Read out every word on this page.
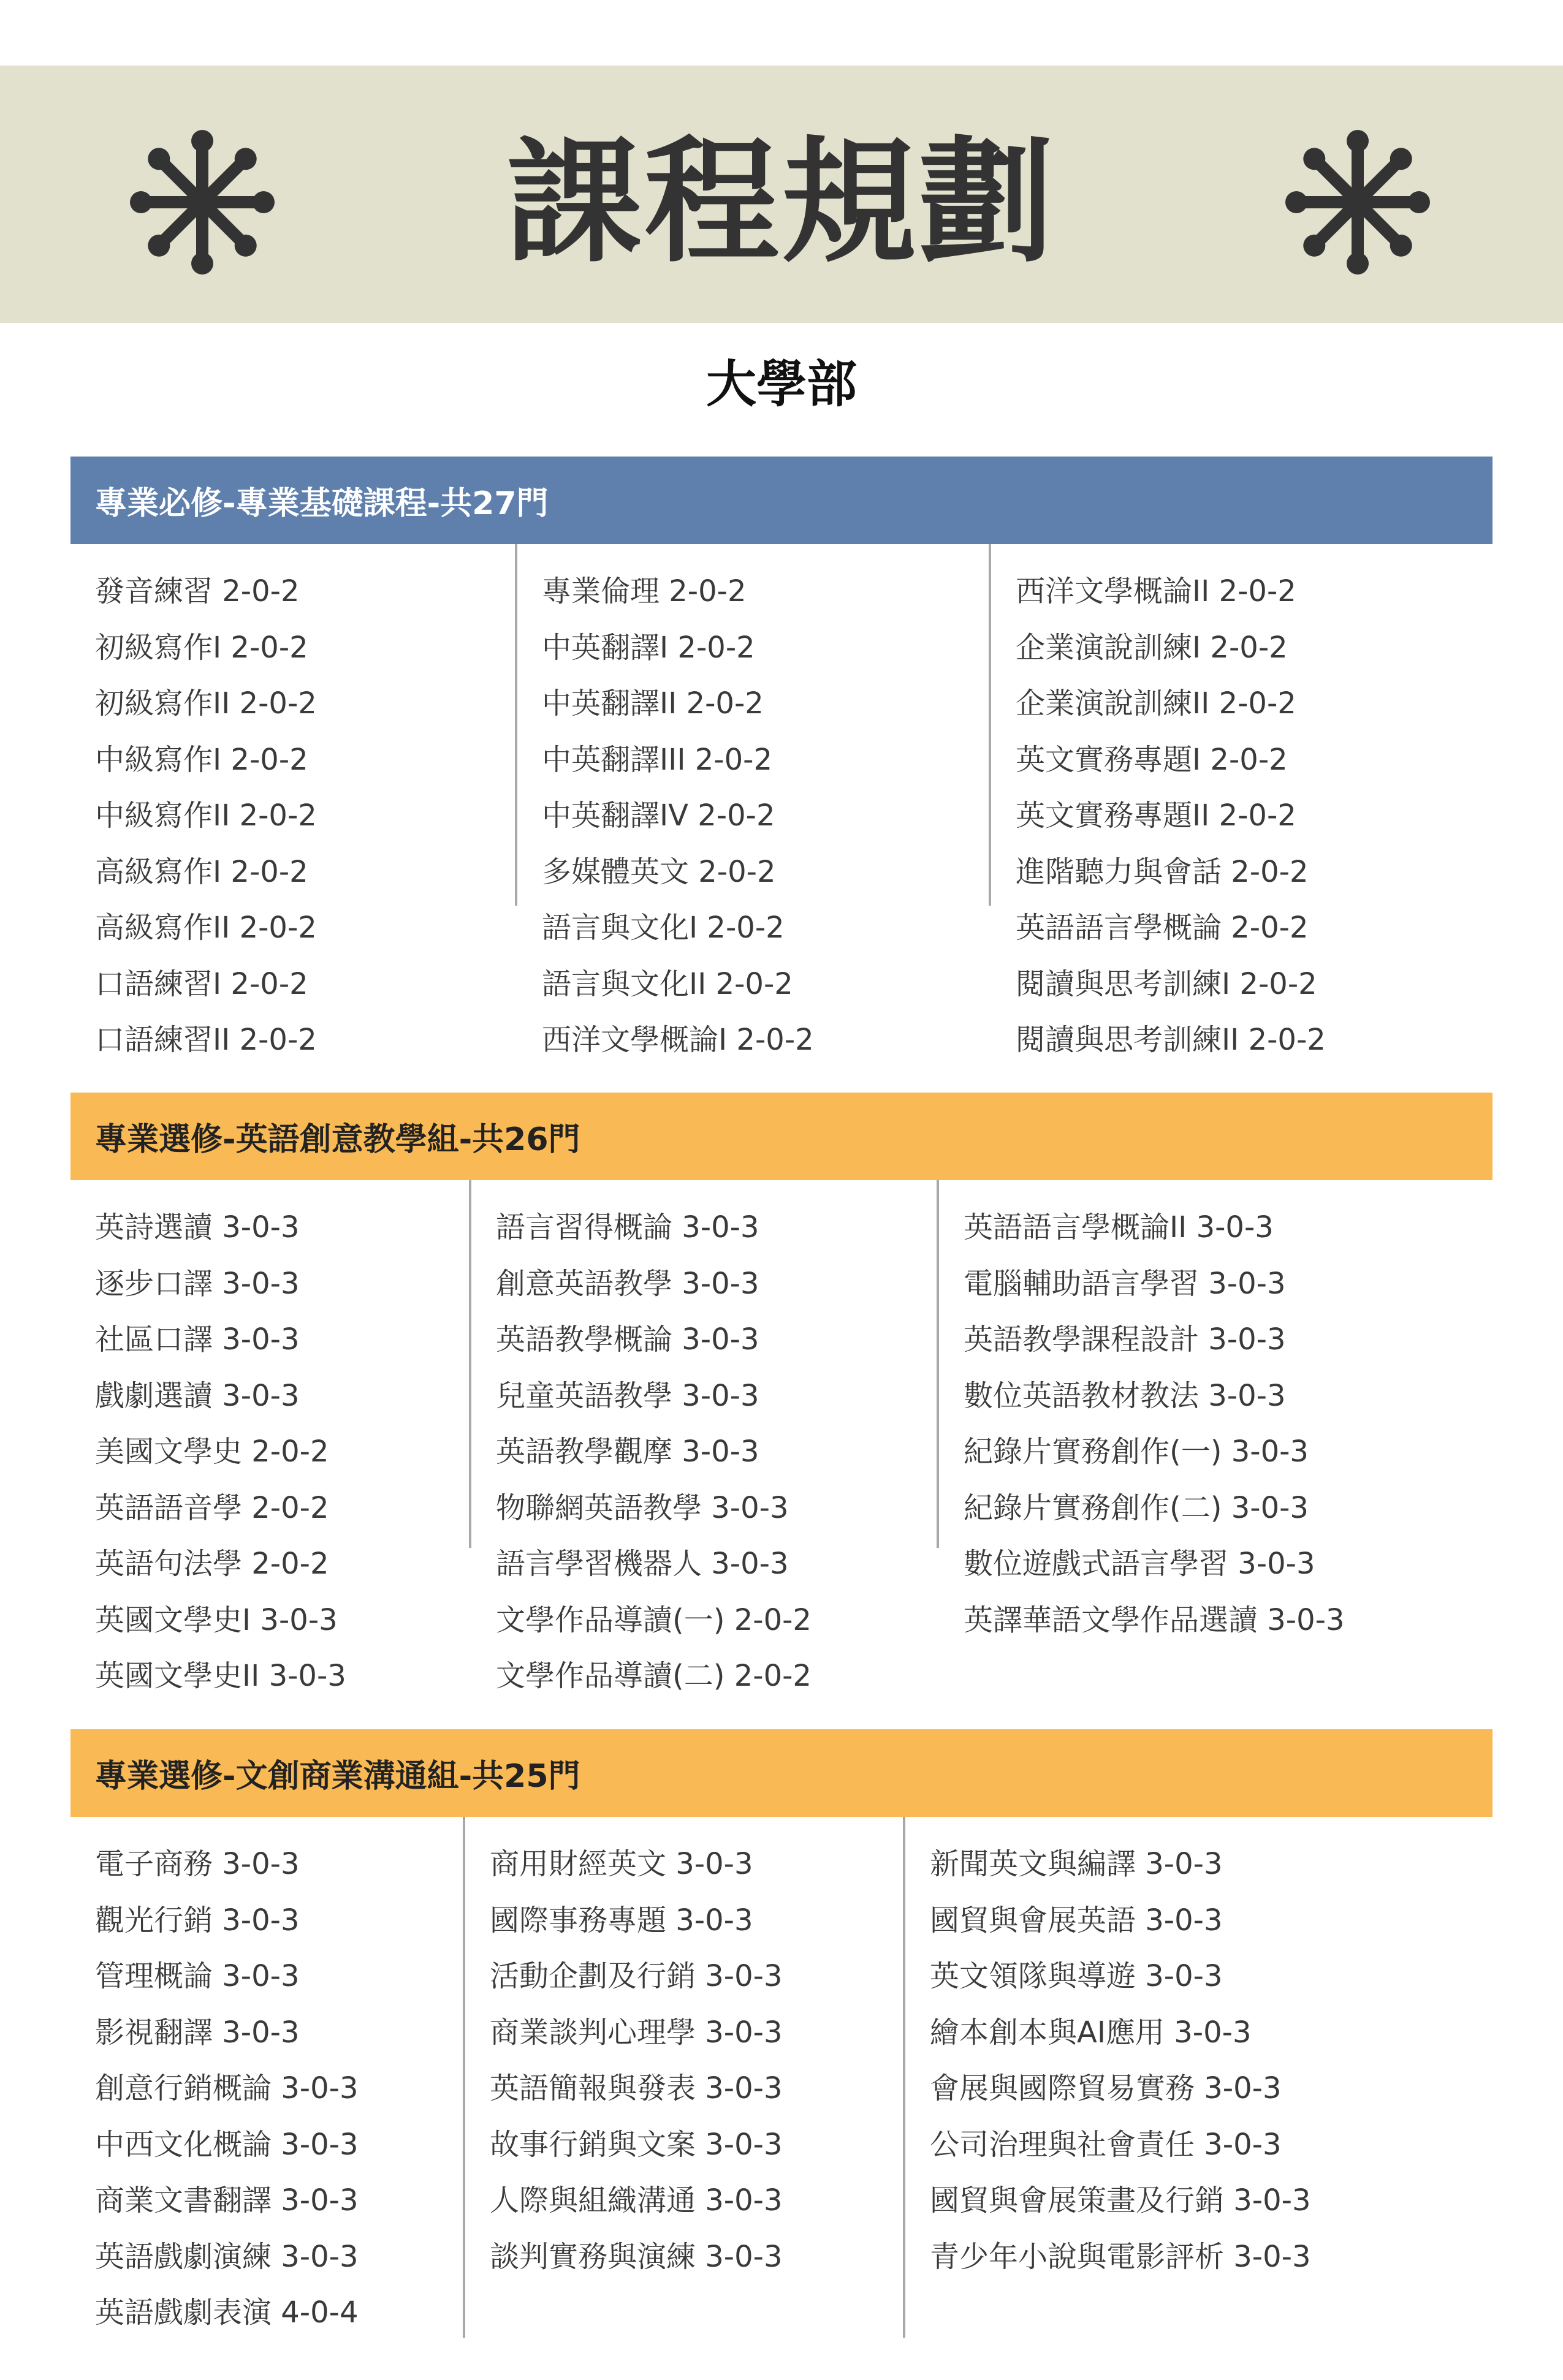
課程規劃
大學部
專業必修-專業基礎課程-共27門
發音練習 2-0-2
初級寫作I 2-0-2
初級寫作II 2-0-2
中級寫作I 2-0-2
中級寫作II 2-0-2
高級寫作I 2-0-2
高級寫作II 2-0-2
口語練習I 2-0-2
口語練習II 2-0-2
專業倫理 2-0-2
中英翻譯I 2-0-2
中英翻譯II 2-0-2
中英翻譯III 2-0-2
中英翻譯IV 2-0-2
多媒體英文 2-0-2
語言與文化I 2-0-2
語言與文化II 2-0-2
西洋文學概論I 2-0-2
西洋文學概論II 2-0-2
企業演說訓練I 2-0-2
企業演說訓練II 2-0-2
英文實務專題I 2-0-2
英文實務專題II 2-0-2
進階聽力與會話 2-0-2
英語語言學概論 2-0-2
閱讀與思考訓練I 2-0-2
閱讀與思考訓練II 2-0-2
專業選修-英語創意教學組-共26門
英詩選讀 3-0-3
逐步口譯 3-0-3
社區口譯 3-0-3
戲劇選讀 3-0-3
美國文學史 2-0-2
英語語音學 2-0-2
英語句法學 2-0-2
英國文學史I 3-0-3
英國文學史II 3-0-3
語言習得概論 3-0-3
創意英語教學 3-0-3
英語教學概論 3-0-3
兒童英語教學 3-0-3
英語教學觀摩 3-0-3
物聯網英語教學 3-0-3
語言學習機器人 3-0-3
文學作品導讀(一) 2-0-2
文學作品導讀(二) 2-0-2
英語語言學概論II 3-0-3
電腦輔助語言學習 3-0-3
英語教學課程設計 3-0-3
數位英語教材教法 3-0-3
紀錄片實務創作(一) 3-0-3
紀錄片實務創作(二) 3-0-3
數位遊戲式語言學習 3-0-3
英譯華語文學作品選讀 3-0-3
專業選修-文創商業溝通組-共25門
電子商務 3-0-3
觀光行銷 3-0-3
管理概論 3-0-3
影視翻譯 3-0-3
創意行銷概論 3-0-3
中西文化概論 3-0-3
商業文書翻譯 3-0-3
英語戲劇演練 3-0-3
英語戲劇表演 4-0-4
商用財經英文 3-0-3
國際事務專題 3-0-3
活動企劃及行銷 3-0-3
商業談判心理學 3-0-3
英語簡報與發表 3-0-3
故事行銷與文案 3-0-3
人際與組織溝通 3-0-3
談判實務與演練 3-0-3
新聞英文與編譯 3-0-3
國貿與會展英語 3-0-3
英文領隊與導遊 3-0-3
繪本創本與AI應用 3-0-3
會展與國際貿易實務 3-0-3
公司治理與社會責任 3-0-3
國貿與會展策畫及行銷 3-0-3
青少年小說與電影評析 3-0-3
